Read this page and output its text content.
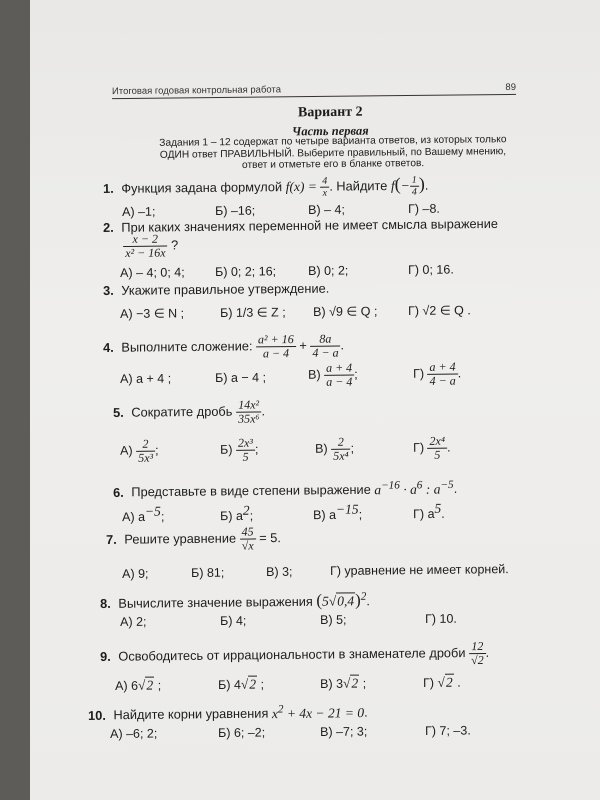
Итоговая годовая контрольная работа	89
Вариант 2
Часть первая
Задания 1 – 12 содержат по четыре варианта ответов, из которых только ОДИН ответ ПРАВИЛЬНЫЙ. Выберите правильный, по Вашему мнению, ответ и отметьте его в бланке ответов.
1. Функция задана формулой $f(x) = \frac{4}{x}$ . Найдите $f(- \frac{1}{4}$ ).
А) –1;	Б) –16;	В) – 4;	Г) –8.
2. При каких значениях переменной не имеет смысла выражение
$\frac{x - 2}{\text{x² − 16x}}$ ?
А) – 4; 0; 4; Б) 0; 2; 16;	В) 0; 2;	Г) 0; 16.
3. Укажите правильное утверждение.
А) −3 ∈ N ;	Б) 1/3 ∈ Z ; В) √9 ∈ Q ; Г) √2 ∈ Q .
4. Выполните сложение: $\frac{\text{a² + 16}}{a - 4} + \frac{8a}{4 - a}$ .
А) a + 4 ;	Б) a − 4 ;	$В) \frac{a + 4}{a - 4}$ ;	$Г) \frac{a + 4}{4 - a}$ .
5. Сократите дробь $\frac{\text{14x²}}{\text{35x⁶}}$ .
$А) \frac{2}{\text{5x³}}$ ;	$Б) \frac{\text{2x³}}{5}$ ;	$В) \frac{2}{\text{5x⁴}}$ ;	$Г) \frac{\text{2x⁴}}{5}$ .
6. Представьте в виде степени выражение $a^{-16} \cdot a^6$ : $a^{-5}$.
А) $a^{-5}$;	Б) $a^2$;	В) $a^{-15}$;	Г) $a^5$.
7. Решите уравнение $\frac{45}{√x} = 5$.
А) 9;	Б) 81;	В) 3;	Г) уравнение не имеет корней.
8. Вычислите значение выражения $(5√0,4)^2$.
А) 2;	Б) 4;	В) 5;	Г) 10.
9. Освободитесь от иррациональности в знаменателе дроби $\frac{12}{√2}$ .
А) 6√2 ;	Б) 4√2 ;	В) 3√2 ;	Г) √2 .
10. Найдите корни уравнения $x^2 + 4x - 21 = 0$.
А) –6; 2;	Б) 6; –2;	В) –7; 3;	Г) 7; –3.
